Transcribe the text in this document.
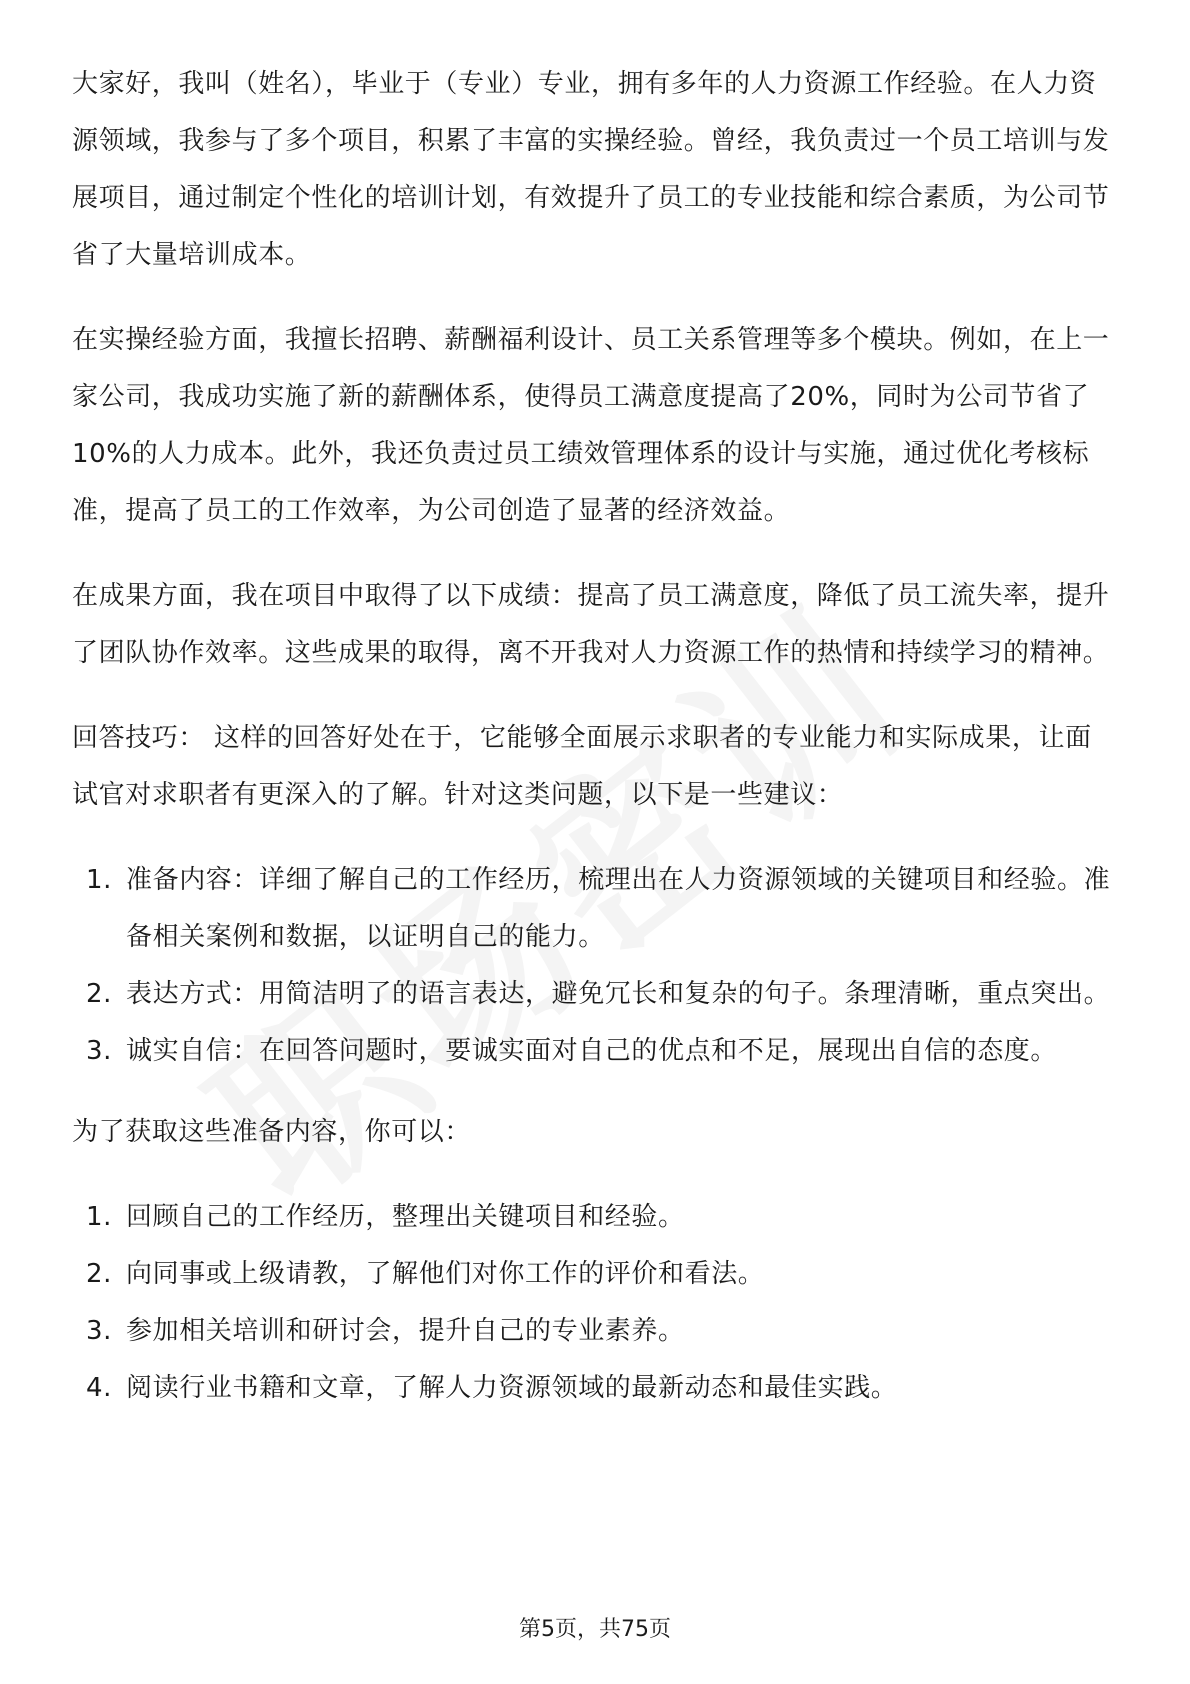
大家好，我叫（姓名），毕业于（专业）专业，拥有多年的人力资源工作经验。在人力资源领域，我参与了多个项目，积累了丰富的实操经验。曾经，我负责过一个员工培训与发展项目，通过制定个性化的培训计划，有效提升了员工的专业技能和综合素质，为公司节省了大量培训成本。

在实操经验方面，我擅长招聘、薪酬福利设计、员工关系管理等多个模块。例如，在上一家公司，我成功实施了新的薪酬体系，使得员工满意度提高了20%，同时为公司节省了10%的人力成本。此外，我还负责过员工绩效管理体系的设计与实施，通过优化考核标准，提高了员工的工作效率，为公司创造了显著的经济效益。

在成果方面，我在项目中取得了以下成绩：提高了员工满意度，降低了员工流失率，提升了团队协作效率。这些成果的取得，离不开我对人力资源工作的热情和持续学习的精神。

回答技巧： 这样的回答好处在于，它能够全面展示求职者的专业能力和实际成果，让面试官对求职者有更深入的了解。针对这类问题，以下是一些建议：

1. 准备内容：详细了解自己的工作经历，梳理出在人力资源领域的关键项目和经验。准备相关案例和数据，以证明自己的能力。
2. 表达方式：用简洁明了的语言表达，避免冗长和复杂的句子。条理清晰，重点突出。
3. 诚实自信：在回答问题时，要诚实面对自己的优点和不足，展现出自信的态度。

为了获取这些准备内容，你可以：

1. 回顾自己的工作经历，整理出关键项目和经验。
2. 向同事或上级请教，了解他们对你工作的评价和看法。
3. 参加相关培训和研讨会，提升自己的专业素养。
4. 阅读行业书籍和文章，了解人力资源领域的最新动态和最佳实践。
第5页，共75页
